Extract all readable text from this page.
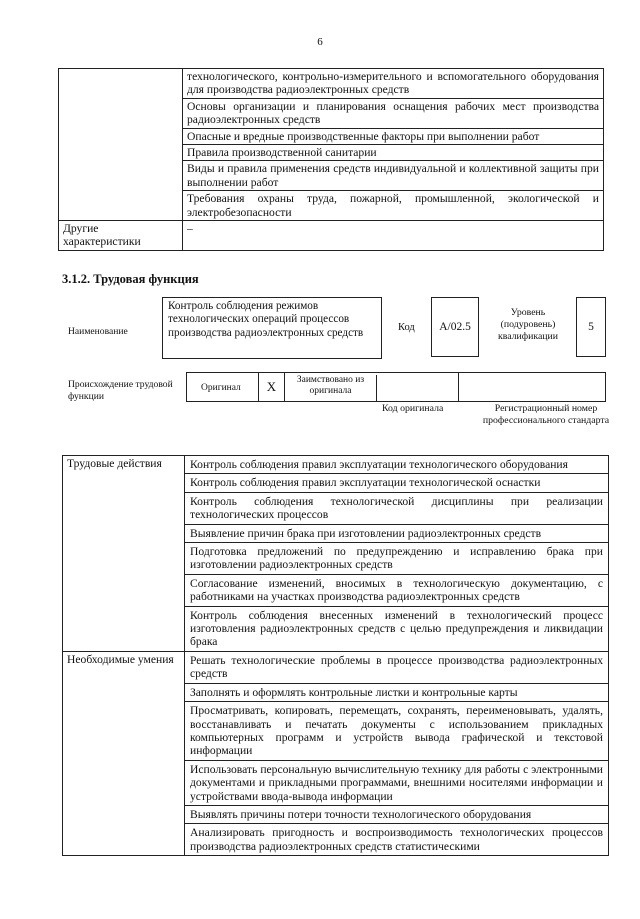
6
	технологического, контрольно-измерительного и вспомогательного оборудования для производства радиоэлектронных средств
	Основы организации и планирования оснащения рабочих мест производства радиоэлектронных средств
	Опасные и вредные производственные факторы при выполнении работ
	Правила производственной санитарии
	Виды и правила применения средств индивидуальной и коллективной защиты при выполнении работ
	Требования охраны труда, пожарной, промышленной, экологической и электробезопасности
Другие характеристики	–
3.1.2. Трудовая функция
Наименование
Контроль соблюдения режимов технологических операций процессов производства радиоэлектронных средств	Код	А/02.5
Уровень (подуровень) квалификации
5
Происхождение трудовой функции
Оригинал	X	Заимствовано из оригинала
Код оригинала	Регистрационный номер профессионального стандарта
Трудовые действия	Контроль соблюдения правил эксплуатации технологического оборудования
	Контроль соблюдения правил эксплуатации технологической оснастки
	Контроль соблюдения технологической дисциплины при реализации технологических процессов
	Выявление причин брака при изготовлении радиоэлектронных средств
	Подготовка предложений по предупреждению и исправлению брака при изготовлении радиоэлектронных средств
	Согласование изменений, вносимых в технологическую документацию, с работниками на участках производства радиоэлектронных средств
	Контроль соблюдения внесенных изменений в технологический процесс изготовления радиоэлектронных средств с целью предупреждения и ликвидации брака
Необходимые умения	Решать технологические проблемы в процессе производства радиоэлектронных средств
	Заполнять и оформлять контрольные листки и контрольные карты
	Просматривать, копировать, перемещать, сохранять, переименовывать, удалять, восстанавливать и печатать документы с использованием прикладных компьютерных программ и устройств вывода графической и текстовой информации
	Использовать персональную вычислительную технику для работы с электронными документами и прикладными программами, внешними носителями информации и устройствами ввода-вывода информации
	Выявлять причины потери точности технологического оборудования
	Анализировать пригодность и воспроизводимость технологических процессов производства радиоэлектронных средств статистическими
